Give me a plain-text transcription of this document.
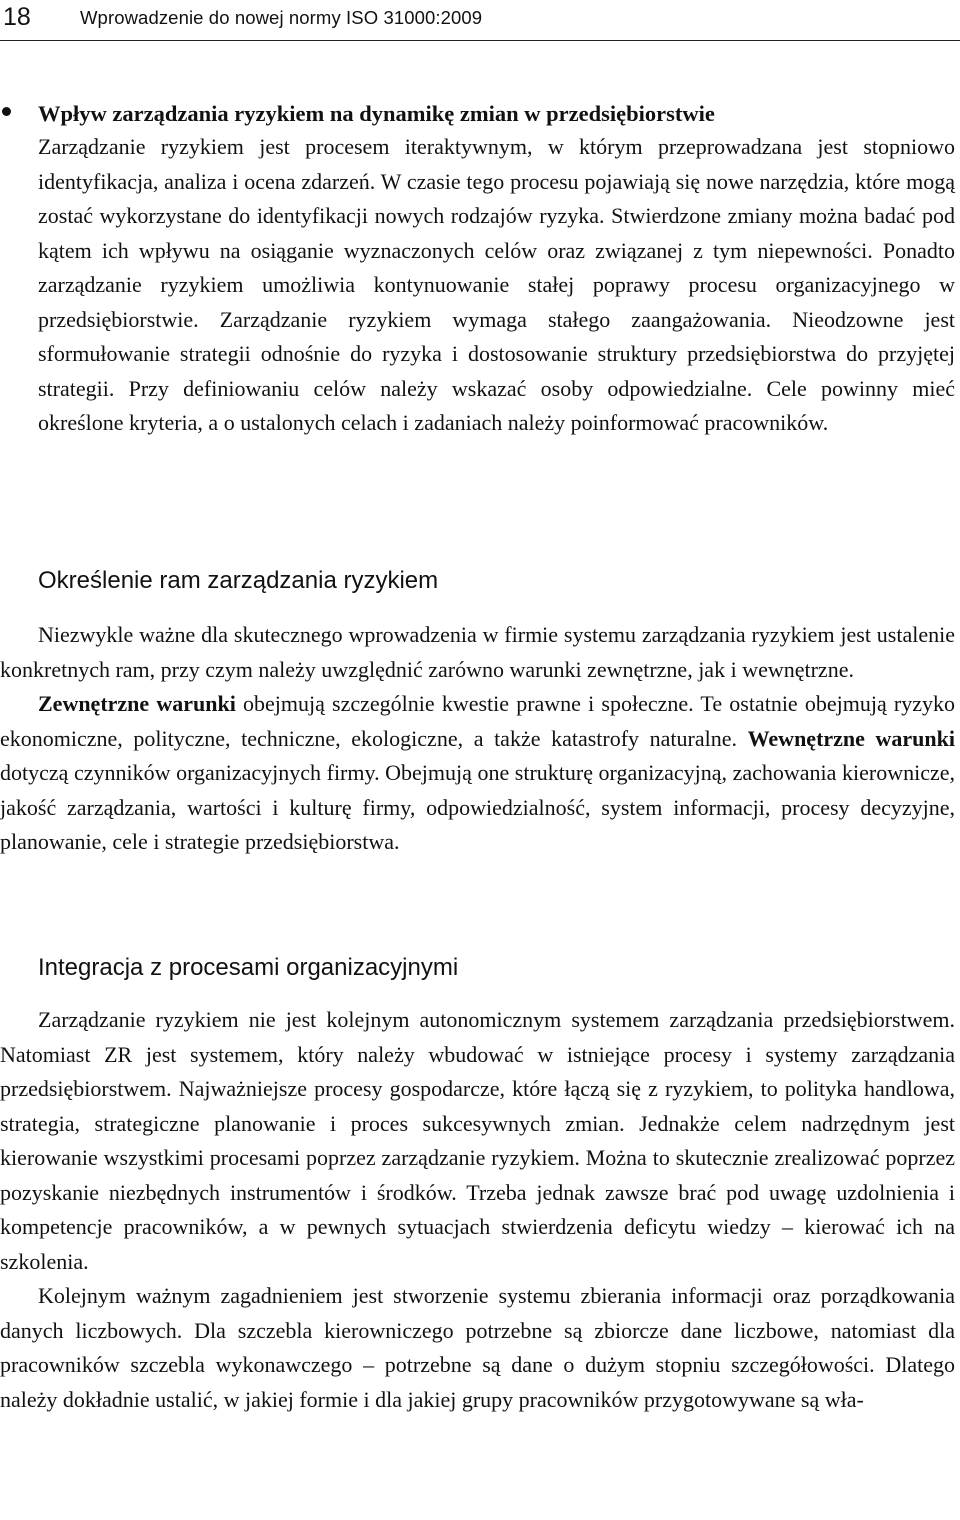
18	Wprowadzenie do nowej normy ISO 31000:2009

Wpływ zarządzania ryzykiem na dynamikę zmian w przedsiębiorstwie

Zarządzanie ryzykiem jest procesem iteraktywnym, w którym przeprowadzana jest stopniowo identyfikacja, analiza i ocena zdarzeń. W czasie tego procesu pojawiają się nowe narzędzia, które mogą zostać wykorzystane do identyfikacji nowych rodzajów ryzyka. Stwierdzone zmiany można badać pod kątem ich wpływu na osiąganie wyznaczonych celów oraz związanej z tym niepewności. Ponadto zarządzanie ryzykiem umożliwia kontynuowanie stałej poprawy procesu organizacyjnego w przedsiębiorstwie. Zarządzanie ryzykiem wymaga stałego zaangażowania. Nieodzowne jest sformułowanie strategii odnośnie do ryzyka i dostosowanie struktury przedsiębiorstwa do przyjętej strategii. Przy definiowaniu celów należy wskazać osoby odpowiedzialne. Cele powinny mieć określone kryteria, a o ustalonych celach i zadaniach należy poinformować pracowników.

Określenie ram zarządzania ryzykiem

Niezwykle ważne dla skutecznego wprowadzenia w firmie systemu zarządzania ryzykiem jest ustalenie konkretnych ram, przy czym należy uwzględnić zarówno warunki zewnętrzne, jak i wewnętrzne.

Zewnętrzne warunki obejmują szczególnie kwestie prawne i społeczne. Te ostatnie obejmują ryzyko ekonomiczne, polityczne, techniczne, ekologiczne, a także katastrofy naturalne. Wewnętrzne warunki dotyczą czynników organizacyjnych firmy. Obejmują one strukturę organizacyjną, zachowania kierownicze, jakość zarządzania, wartości i kulturę firmy, odpowiedzialność, system informacji, procesy decyzyjne, planowanie, cele i strategie przedsiębiorstwa.

Integracja z procesami organizacyjnymi

Zarządzanie ryzykiem nie jest kolejnym autonomicznym systemem zarządzania przedsiębiorstwem. Natomiast ZR jest systemem, który należy wbudować w istniejące procesy i systemy zarządzania przedsiębiorstwem. Najważniejsze procesy gospodarcze, które łączą się z ryzykiem, to polityka handlowa, strategia, strategiczne planowanie i proces sukcesywnych zmian. Jednakże celem nadrzędnym jest kierowanie wszystkimi procesami poprzez zarządzanie ryzykiem. Można to skutecznie zrealizować poprzez pozyskanie niezbędnych instrumentów i środków. Trzeba jednak zawsze brać pod uwagę uzdolnienia i kompetencje pracowników, a w pewnych sytuacjach stwierdzenia deficytu wiedzy – kierować ich na szkolenia.

Kolejnym ważnym zagadnieniem jest stworzenie systemu zbierania informacji oraz porządkowania danych liczbowych. Dla szczebla kierowniczego potrzebne są zbiorcze dane liczbowe, natomiast dla pracowników szczebla wykonawczego – potrzebne są dane o dużym stopniu szczegółowości. Dlatego należy dokładnie ustalić, w jakiej formie i dla jakiej grupy pracowników przygotowywane są wła-
